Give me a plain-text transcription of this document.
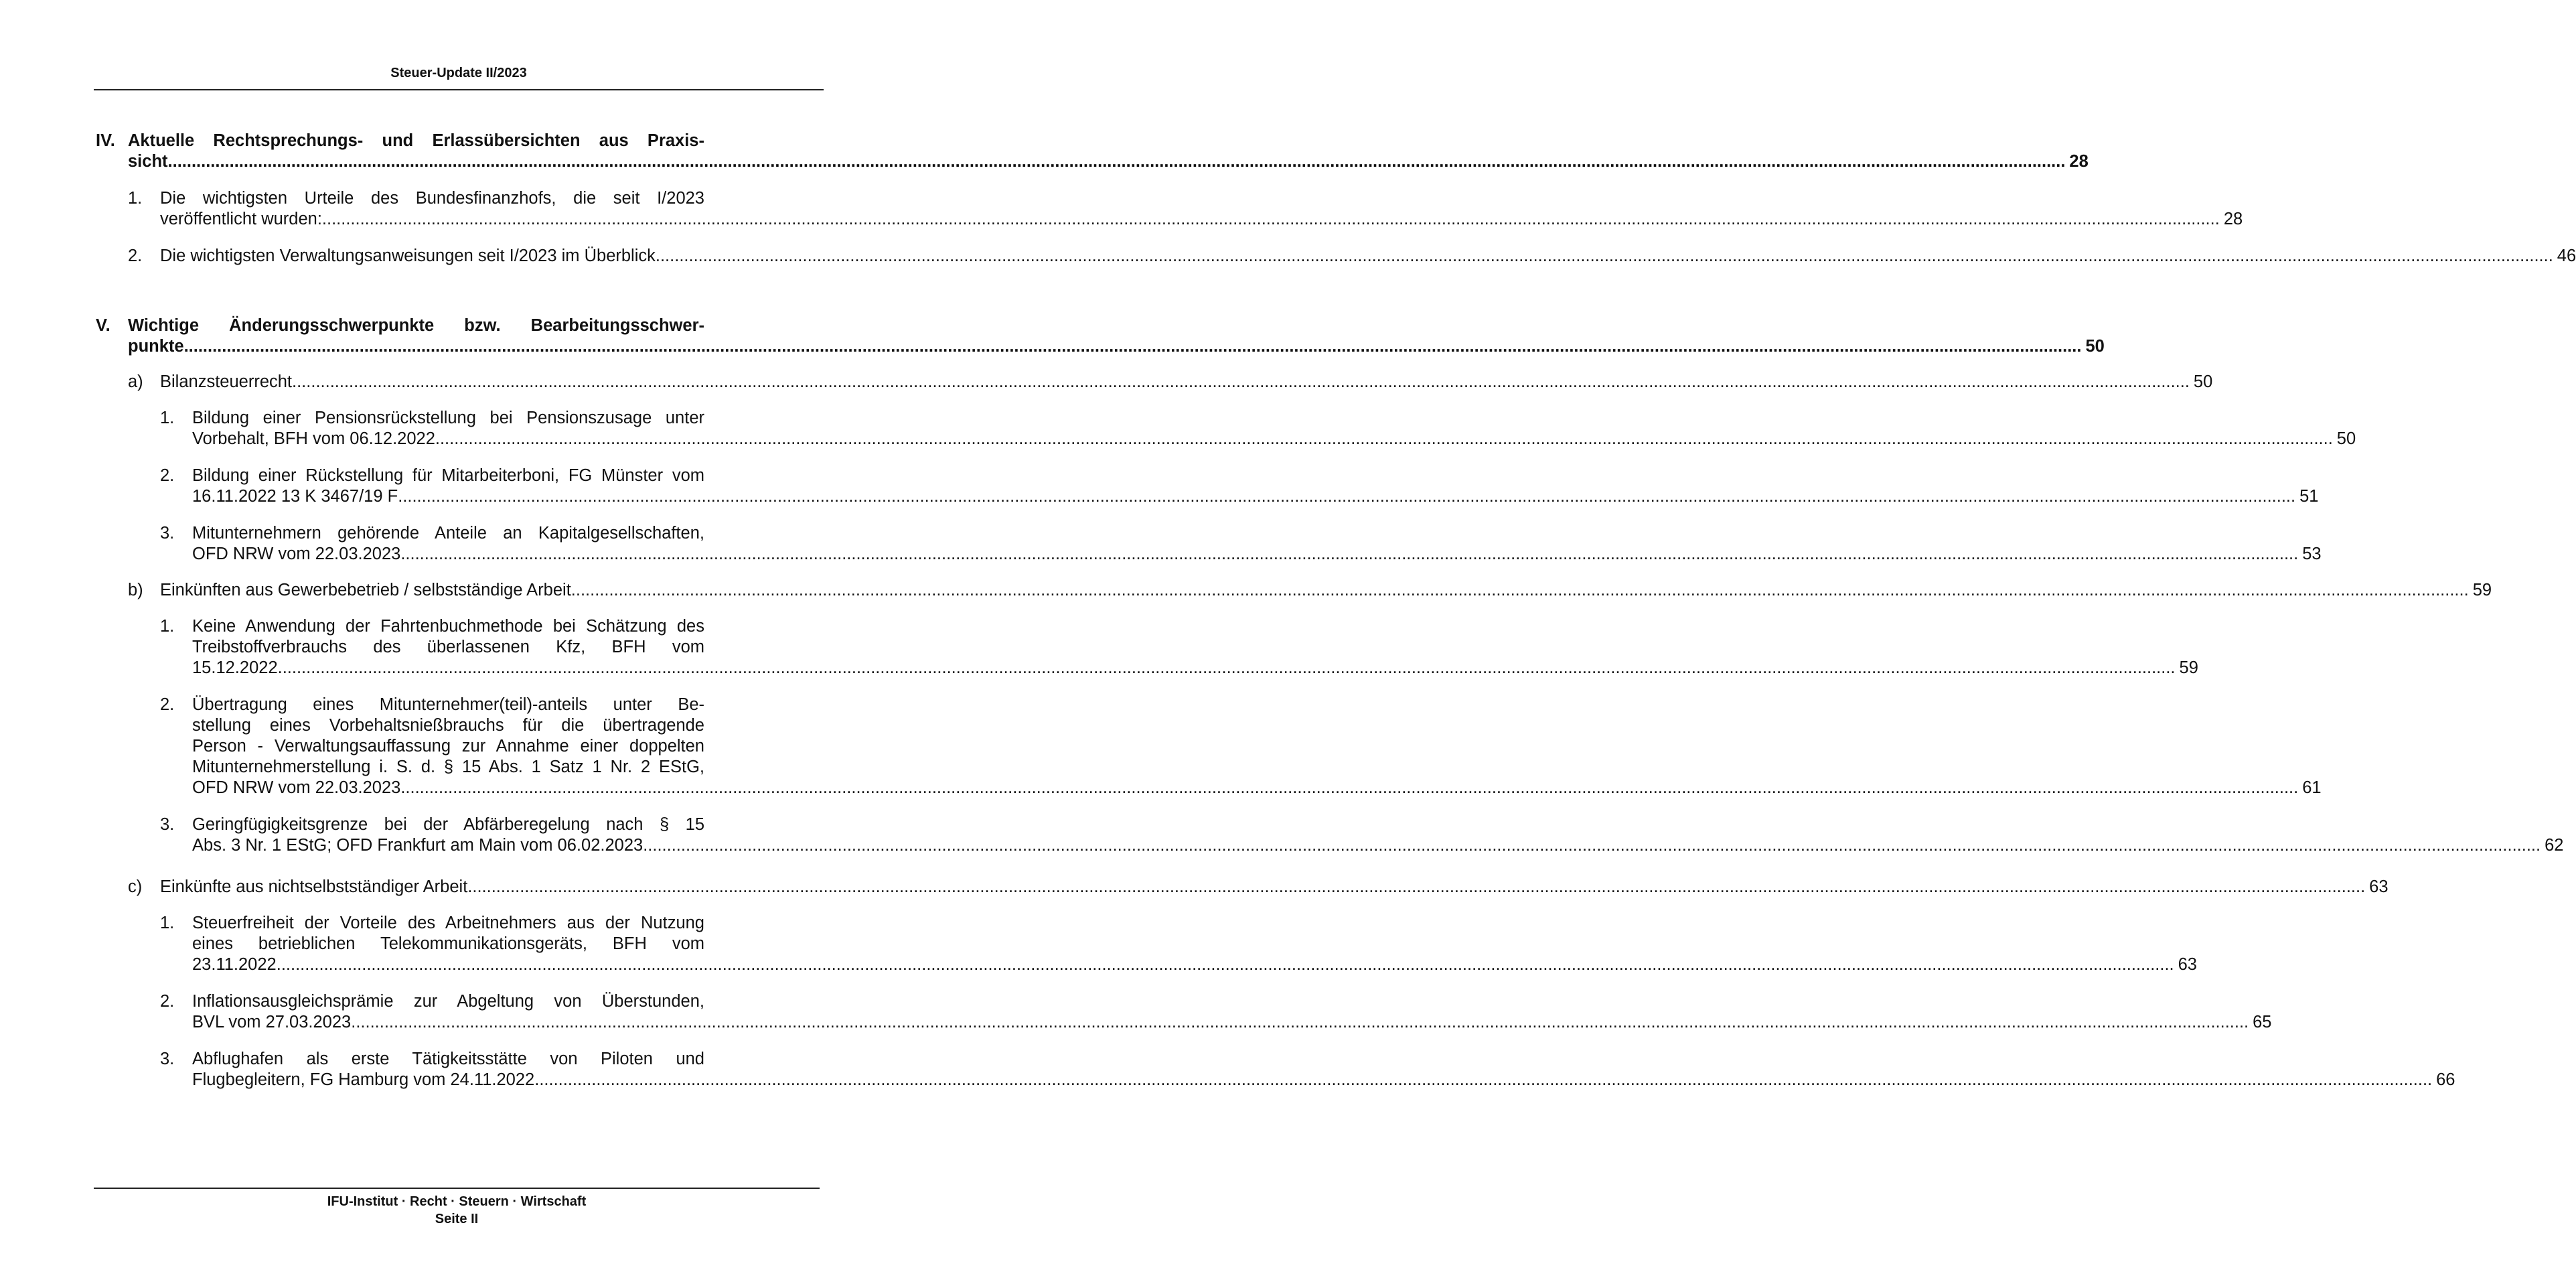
Steuer-Update II/2023
IV. Aktuelle Rechtsprechungs- und Erlassübersichten aus Praxis-
sicht ................................................................................................................................................................................................................................................................................................................................................................................................................ 28
1. Die wichtigsten Urteile des Bundesfinanzhofs, die seit I/2023
veröffentlicht wurden: ................................................................................................................................................................................................................................................................................................................................................................................................................ 28
2. Die wichtigsten Verwaltungsanweisungen seit I/2023 im Überblick ................................................................................................................................................................................................................................................................................................................................................................................................................ 46
V. Wichtige Änderungsschwerpunkte bzw. Bearbeitungsschwer-
punkte ................................................................................................................................................................................................................................................................................................................................................................................................................ 50
a) Bilanzsteuerrecht ................................................................................................................................................................................................................................................................................................................................................................................................................ 50
1. Bildung einer Pensionsrückstellung bei Pensionszusage unter
Vorbehalt, BFH vom 06.12.2022 ................................................................................................................................................................................................................................................................................................................................................................................................................ 50
2. Bildung einer Rückstellung für Mitarbeiterboni, FG Münster vom
16.11.2022 13 K 3467/19 F ................................................................................................................................................................................................................................................................................................................................................................................................................ 51
3. Mitunternehmern gehörende Anteile an Kapitalgesellschaften,
OFD NRW vom 22.03.2023 ................................................................................................................................................................................................................................................................................................................................................................................................................ 53
b) Einkünften aus Gewerbebetrieb / selbstständige Arbeit ................................................................................................................................................................................................................................................................................................................................................................................................................ 59
1. Keine Anwendung der Fahrtenbuchmethode bei Schätzung des
Treibstoffverbrauchs des überlassenen Kfz, BFH vom
15.12.2022 ................................................................................................................................................................................................................................................................................................................................................................................................................ 59
2. Übertragung eines Mitunternehmer(teil)-anteils unter Be-
stellung eines Vorbehaltsnießbrauchs für die übertragende
Person - Verwaltungsauffassung zur Annahme einer doppelten
Mitunternehmerstellung i. S. d. § 15 Abs. 1 Satz 1 Nr. 2 EStG,
OFD NRW vom 22.03.2023 ................................................................................................................................................................................................................................................................................................................................................................................................................ 61
3. Geringfügigkeitsgrenze bei der Abfärberegelung nach § 15
Abs. 3 Nr. 1 EStG; OFD Frankfurt am Main vom 06.02.2023 ................................................................................................................................................................................................................................................................................................................................................................................................................ 62
c) Einkünfte aus nichtselbstständiger Arbeit ................................................................................................................................................................................................................................................................................................................................................................................................................ 63
1. Steuerfreiheit der Vorteile des Arbeitnehmers aus der Nutzung
eines betrieblichen Telekommunikationsgeräts, BFH vom
23.11.2022 ................................................................................................................................................................................................................................................................................................................................................................................................................ 63
2. Inflationsausgleichsprämie zur Abgeltung von Überstunden,
BVL vom 27.03.2023 ................................................................................................................................................................................................................................................................................................................................................................................................................ 65
3. Abflughafen als erste Tätigkeitsstätte von Piloten und
Flugbegleitern, FG Hamburg vom 24.11.2022 ................................................................................................................................................................................................................................................................................................................................................................................................................ 66
IFU-Institut · Recht · Steuern · Wirtschaft
Seite II
